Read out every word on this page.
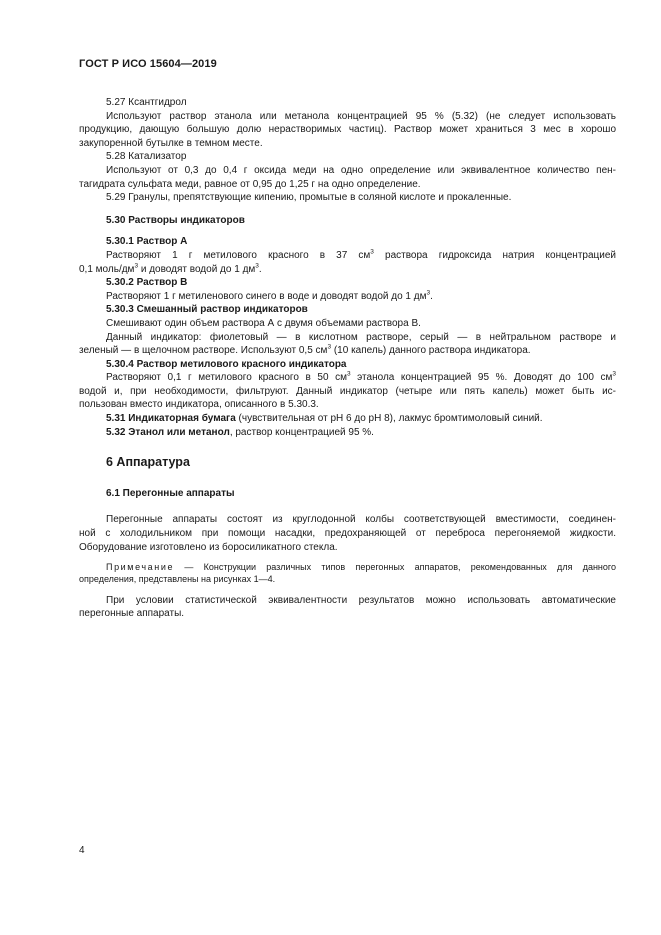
ГОСТ Р ИСО 15604—2019
5.27 Ксантгидрол
Используют раствор этанола или метанола концентрацией 95 % (5.32) (не следует использовать
продукцию, дающую большую долю нерастворимых частиц). Раствор может храниться 3 мес в хорошо
закупоренной бутылке в темном месте.
5.28 Катализатор
Используют от 0,3 до 0,4 г оксида меди на одно определение или эквивалентное количество пен-
тагидрата сульфата меди, равное от 0,95 до 1,25 г на одно определение.
5.29 Гранулы, препятствующие кипению, промытые в соляной кислоте и прокаленные.
5.30 Растворы индикаторов
5.30.1 Раствор А
Растворяют 1 г метилового красного в 37 $см^3$ раствора гидроксида натрия концентрацией
0,1 моль/$дм^3$ и доводят водой до 1 $дм^3$.
5.30.2 Раствор В
Растворяют 1 г метиленового синего в воде и доводят водой до 1 $дм^3$.
5.30.3 Смешанный раствор индикаторов
Смешивают один объем раствора А с двумя объемами раствора В.
Данный индикатор: фиолетовый — в кислотном растворе, серый — в нейтральном растворе и
зеленый — в щелочном растворе. Используют 0,5 $см^3$ (10 капель) данного раствора индикатора.
5.30.4 Раствор метилового красного индикатора
Растворяют 0,1 г метилового красного в 50 $см^3$ этанола концентрацией 95 %. Доводят до 100 $см^3$
водой и, при необходимости, фильтруют. Данный индикатор (четыре или пять капель) может быть ис-
пользован вместо индикатора, описанного в 5.30.3.
5.31 Индикаторная бумага (чувствительная от pH 6 до pH 8), лакмус бромтимоловый синий.
5.32 Этанол или метанол, раствор концентрацией 95 %.
6 Аппаратура
6.1 Перегонные аппараты
Перегонные аппараты состоят из круглодонной колбы соответствующей вместимости, соединен-
ной с холодильником при помощи насадки, предохраняющей от переброса перегоняемой жидкости.
Оборудование изготовлено из боросиликатного стекла.
Примечание — Конструкции различных типов перегонных аппаратов, рекомендованных для данного
определения, представлены на рисунках 1—4.
При условии статистической эквивалентности результатов можно использовать автоматические
перегонные аппараты.
4
